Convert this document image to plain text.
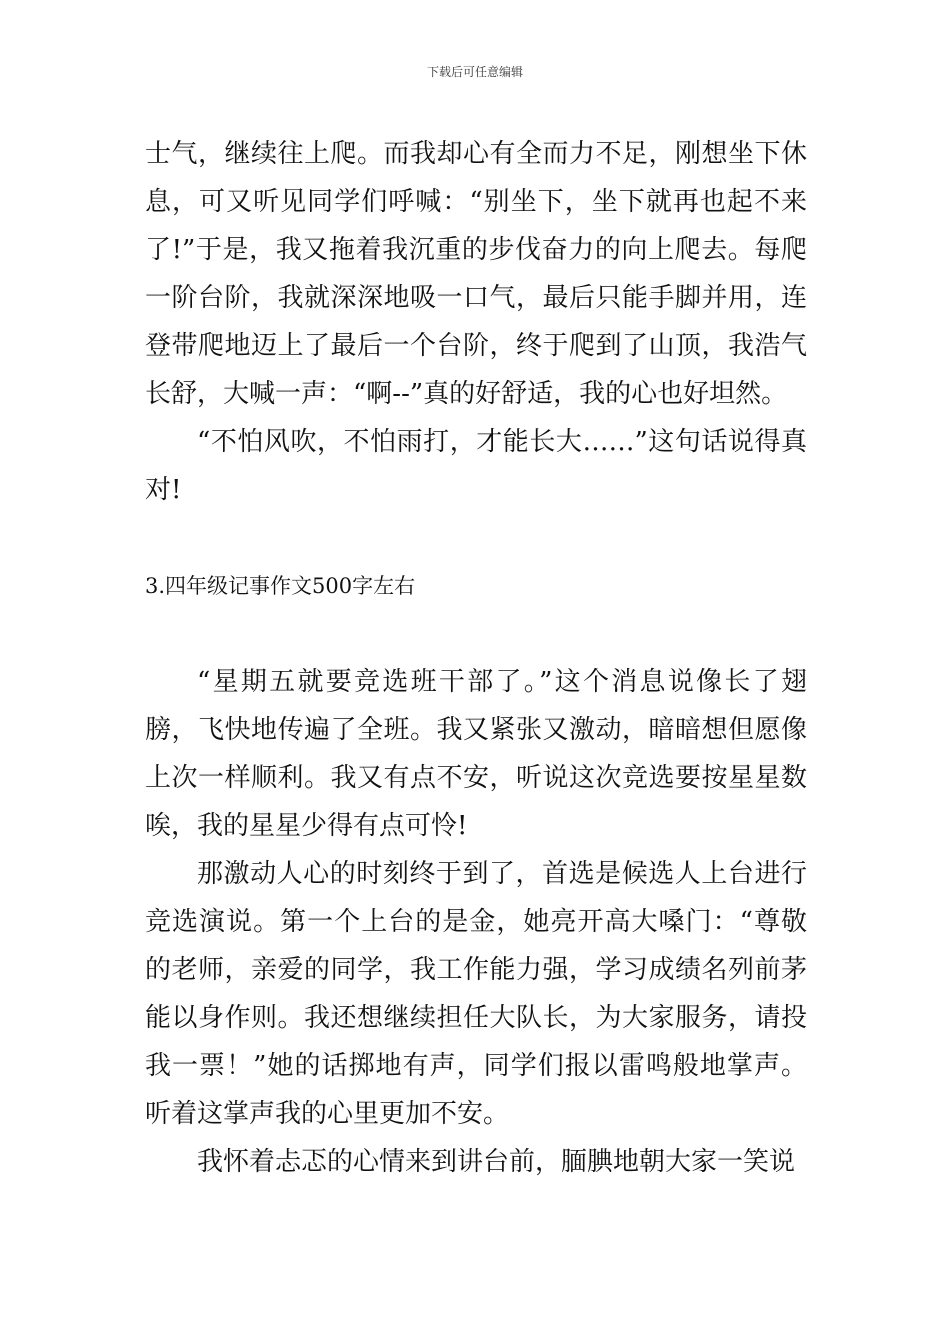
下载后可任意编辑

士气，继续往上爬。而我却心有全而力不足，刚想坐下休息，可又听见同学们呼喊：“别坐下，坐下就再也起不来了!”于是，我又拖着我沉重的步伐奋力的向上爬去。每爬一阶台阶，我就深深地吸一口气，最后只能手脚并用，连登带爬地迈上了最后一个台阶，终于爬到了山顶，我浩气长舒，大喊一声：“啊--”真的好舒适，我的心也好坦然。

“不怕风吹，不怕雨打，才能长大……”这句话说得真对!

3.四年级记事作文500字左右

“星期五就要竞选班干部了。”这个消息说像长了翅膀，飞快地传遍了全班。我又紧张又激动，暗暗想但愿像上次一样顺利。我又有点不安，听说这次竞选要按星星数唉，我的星星少得有点可怜!

那激动人心的时刻终于到了，首选是候选人上台进行竞选演说。第一个上台的是金，她亮开高大嗓门：“尊敬的老师，亲爱的同学，我工作能力强，学习成绩名列前茅能以身作则。我还想继续担任大队长，为大家服务，请投我一票！”她的话掷地有声，同学们报以雷鸣般地掌声。听着这掌声我的心里更加不安。

我怀着忐忑的心情来到讲台前，腼腆地朝大家一笑说
